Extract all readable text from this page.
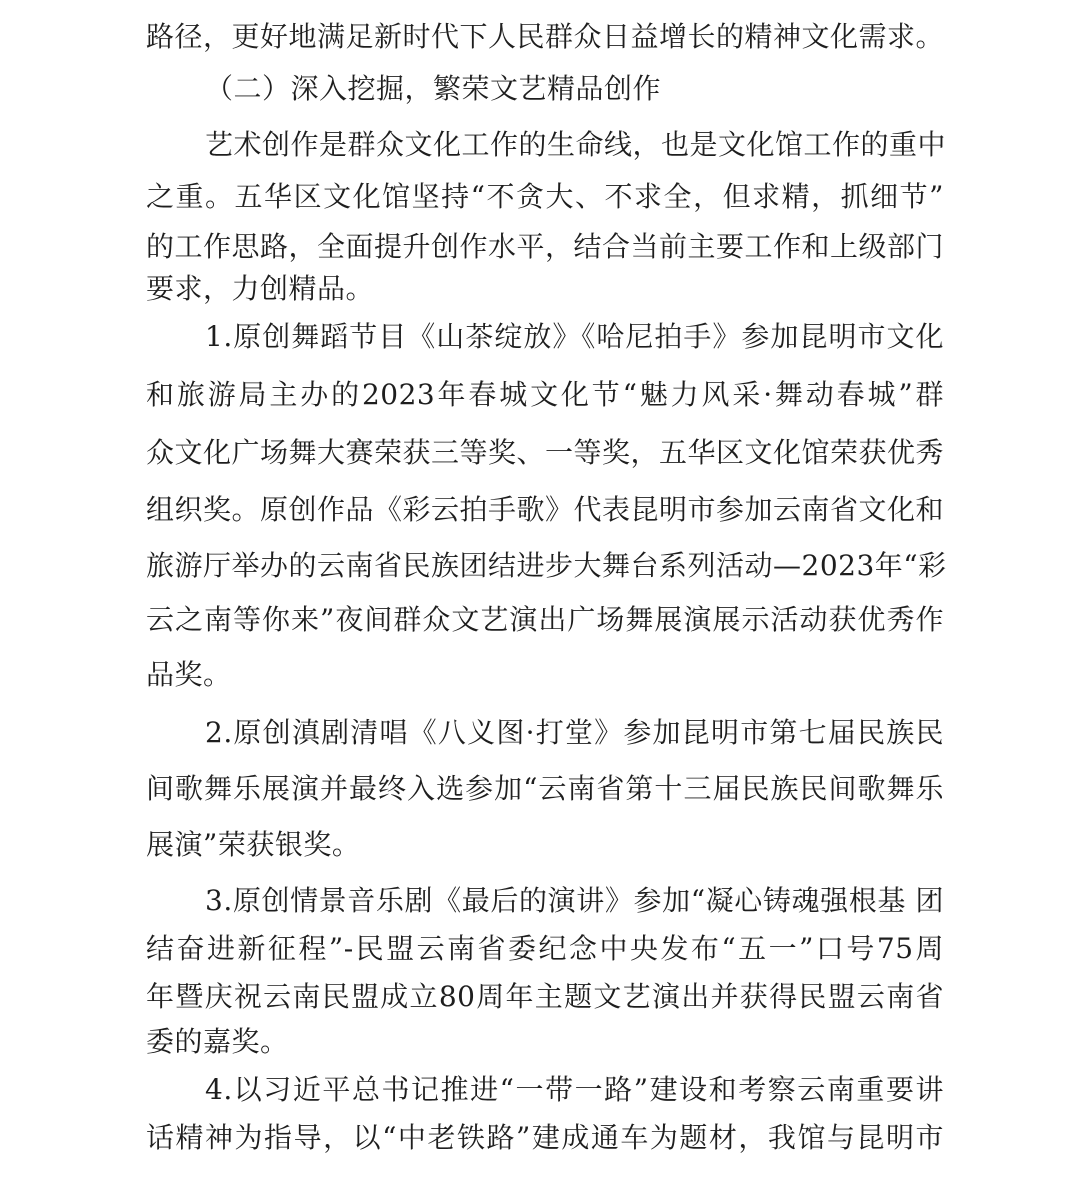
路径，更好地满足新时代下人民群众日益增长的精神文化需求。
（二）深入挖掘，繁荣文艺精品创作
艺术创作是群众文化工作的生命线，也是文化馆工作的重中
之重。五华区文化馆坚持“不贪大、不求全，但求精，抓细节”
的工作思路，全面提升创作水平，结合当前主要工作和上级部门
要求，力创精品。
1.原创舞蹈节目《山茶绽放》《哈尼拍手》参加昆明市文化
和旅游局主办的2023年春城文化节“魅力风采·舞动春城”群
众文化广场舞大赛荣获三等奖、一等奖，五华区文化馆荣获优秀
组织奖。原创作品《彩云拍手歌》代表昆明市参加云南省文化和
旅游厅举办的云南省民族团结进步大舞台系列活动—2023年“彩
云之南等你来”夜间群众文艺演出广场舞展演展示活动获优秀作
品奖。
2.原创滇剧清唱《八义图·打堂》参加昆明市第七届民族民
间歌舞乐展演并最终入选参加“云南省第十三届民族民间歌舞乐
展演”荣获银奖。
3.原创情景音乐剧《最后的演讲》参加“凝心铸魂强根基 团
结奋进新征程”-民盟云南省委纪念中央发布“五一”口号75周
年暨庆祝云南民盟成立80周年主题文艺演出并获得民盟云南省
委的嘉奖。
4.以习近平总书记推进“一带一路”建设和考察云南重要讲
话精神为指导，以“中老铁路”建成通车为题材，我馆与昆明市
